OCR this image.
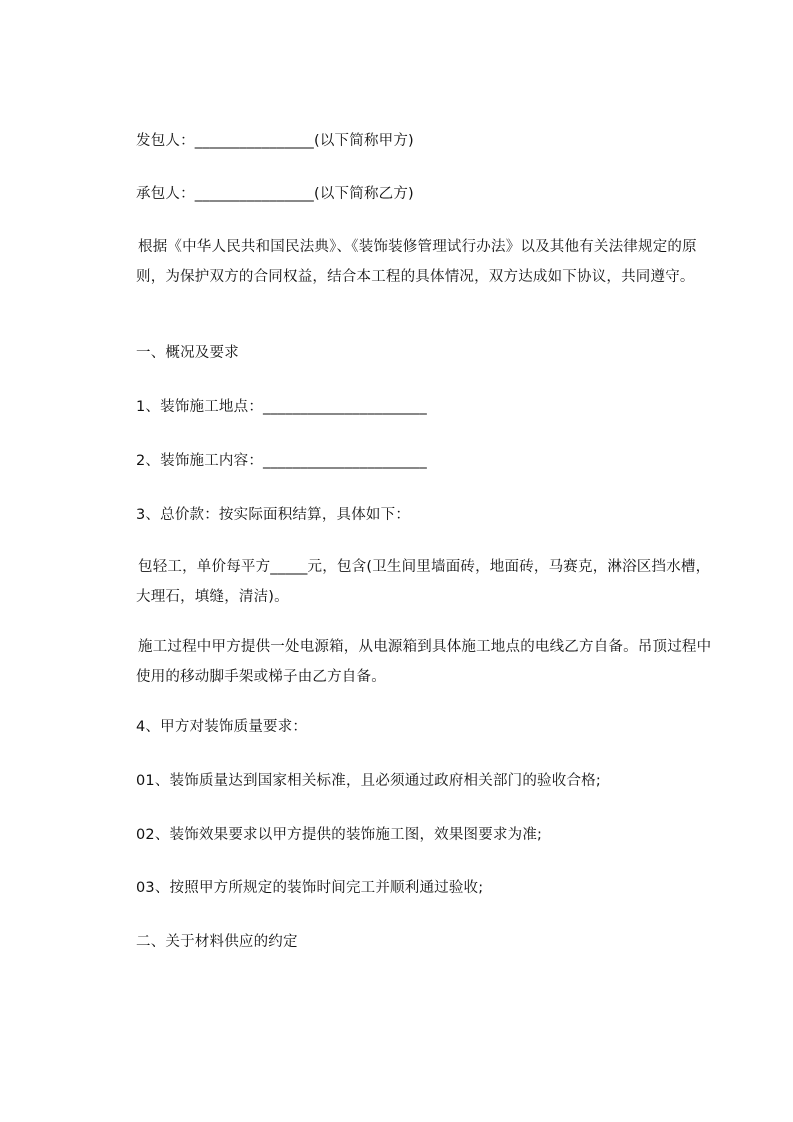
发包人：________________(以下简称甲方)
承包人：________________(以下简称乙方)
根据《中华人民共和国民法典》、《装饰装修管理试行办法》以及其他有关法律规定的原则，为保护双方的合同权益，结合本工程的具体情况，双方达成如下协议，共同遵守。
一、概况及要求
1、装饰施工地点：______________________
2、装饰施工内容：______________________
3、总价款：按实际面积结算，具体如下：
包轻工，单价每平方_____元，包含(卫生间里墙面砖，地面砖，马赛克，淋浴区挡水槽，大理石，填缝，清洁)。
施工过程中甲方提供一处电源箱，从电源箱到具体施工地点的电线乙方自备。吊顶过程中使用的移动脚手架或梯子由乙方自备。
4、甲方对装饰质量要求：
01、装饰质量达到国家相关标准，且必须通过政府相关部门的验收合格;
02、装饰效果要求以甲方提供的装饰施工图，效果图要求为准;
03、按照甲方所规定的装饰时间完工并顺利通过验收;
二、关于材料供应的约定
